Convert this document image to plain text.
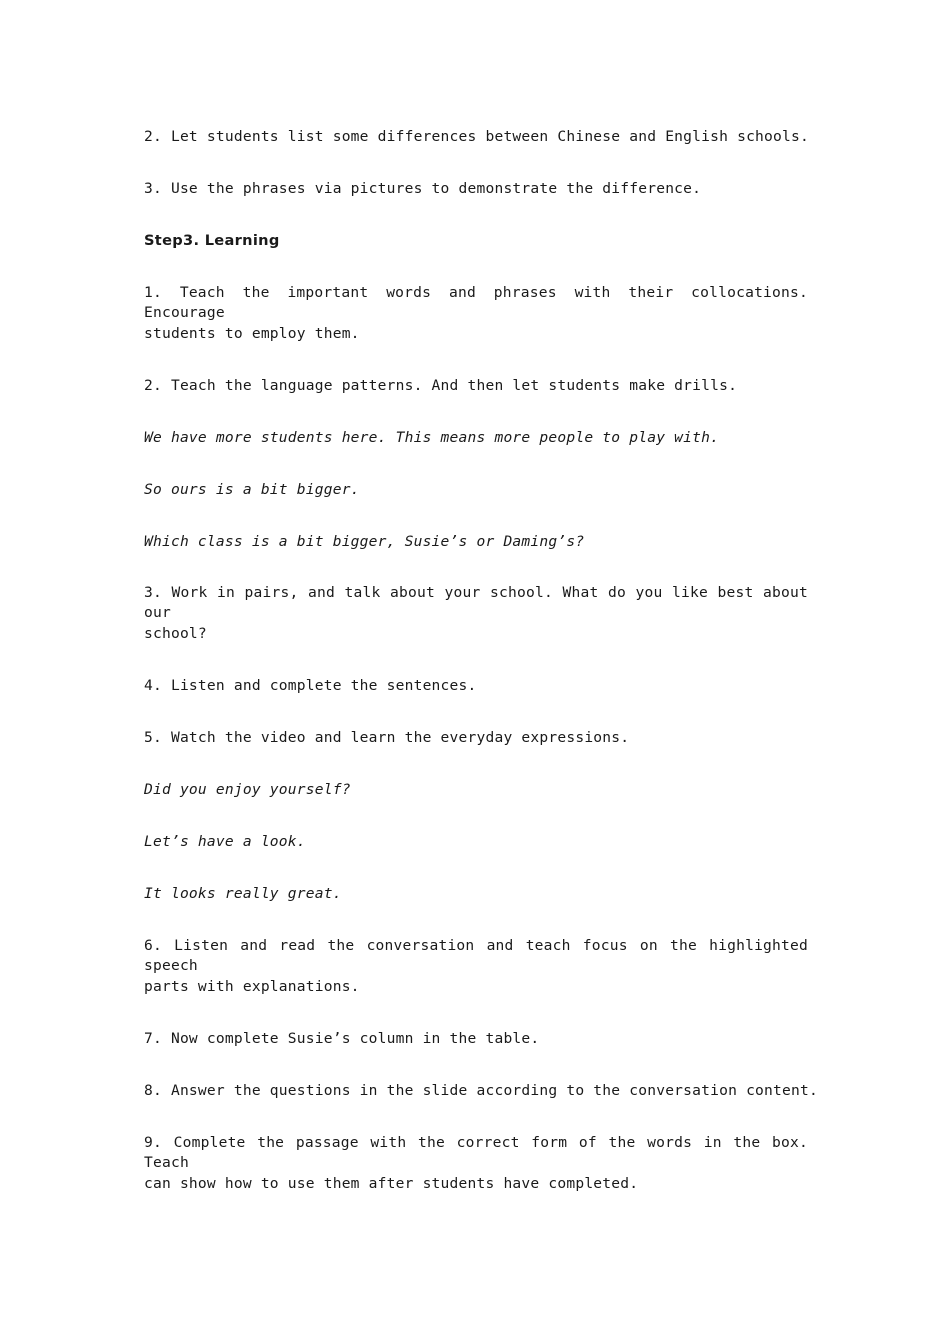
2. Let students list some differences between Chinese and English schools.
3. Use the phrases via pictures to demonstrate the difference.
Step3. Learning
1. Teach the important words and phrases with their collocations. Encourage
students to employ them.
2. Teach the language patterns. And then let students make drills.
We have more students here. This means more people to play with.
So ours is a bit bigger.
Which class is a bit bigger, Susie’s or Daming’s?
3. Work in pairs, and talk about your school. What do you like best about our
school?
4. Listen and complete the sentences.
5. Watch the video and learn the everyday expressions.
Did you enjoy yourself?
Let’s have a look.
It looks really great.
6. Listen and read the conversation and teach focus on the highlighted speech
parts with explanations.
7. Now complete Susie’s column in the table.
8. Answer the questions in the slide according to the conversation content.
9. Complete the passage with the correct form of the words in the box. Teach
can show how to use them after students have completed.
